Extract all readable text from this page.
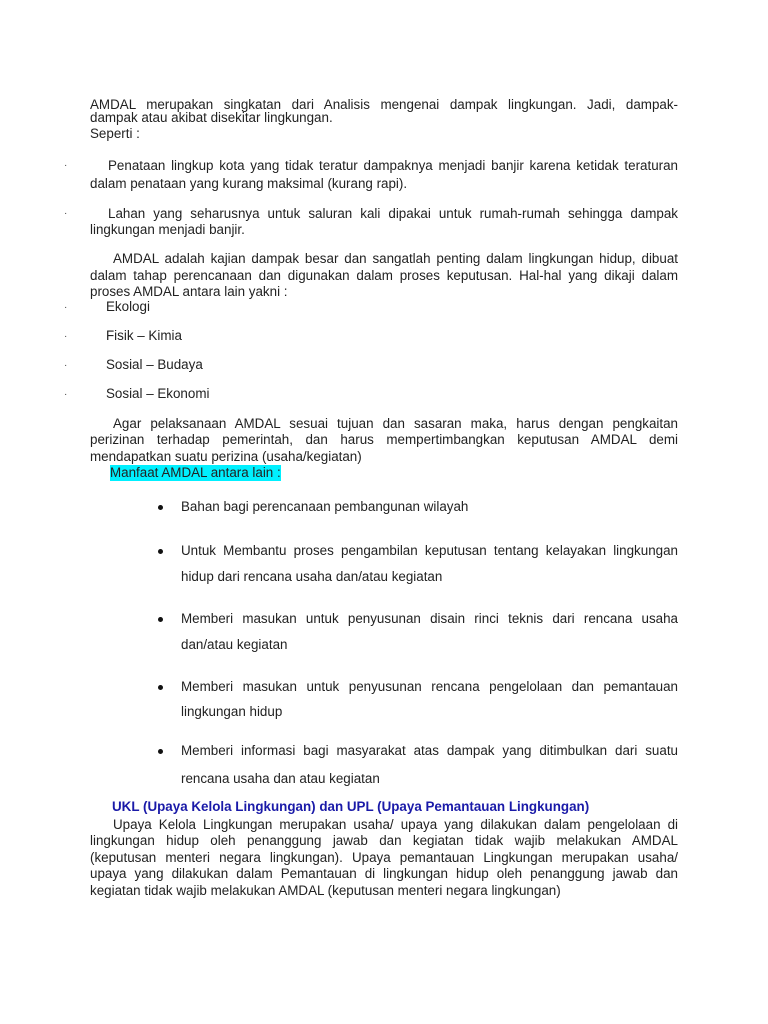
AMDAL merupakan singkatan dari Analisis mengenai dampak lingkungan. Jadi, dampak-
dampak atau akibat disekitar lingkungan.
Seperti :
Penataan lingkup kota yang tidak teratur dampaknya menjadi banjir karena ketidak teraturan
dalam penataan yang kurang maksimal (kurang rapi).
Lahan yang seharusnya untuk saluran kali dipakai untuk rumah-rumah sehingga dampak
lingkungan menjadi banjir.
AMDAL adalah kajian dampak besar dan sangatlah penting dalam lingkungan hidup, dibuat
dalam tahap perencanaan dan digunakan dalam proses keputusan. Hal-hal yang dikaji dalam
proses AMDAL antara lain yakni :
Ekologi
Fisik – Kimia
Sosial – Budaya
Sosial – Ekonomi
Agar pelaksanaan AMDAL sesuai tujuan dan sasaran maka, harus dengan pengkaitan
perizinan terhadap pemerintah, dan harus mempertimbangkan keputusan AMDAL demi
mendapatkan suatu perizina (usaha/kegiatan)
Manfaat AMDAL antara lain :
Bahan bagi perencanaan pembangunan wilayah
Untuk Membantu proses pengambilan keputusan tentang kelayakan lingkungan
hidup dari rencana usaha dan/atau kegiatan
Memberi masukan untuk penyusunan disain rinci teknis dari rencana usaha
dan/atau kegiatan
Memberi masukan untuk penyusunan rencana pengelolaan dan pemantauan
lingkungan hidup
Memberi informasi bagi masyarakat atas dampak yang ditimbulkan dari suatu
rencana usaha dan atau kegiatan
UKL (Upaya Kelola Lingkungan) dan UPL (Upaya Pemantauan Lingkungan)
Upaya Kelola Lingkungan merupakan usaha/ upaya yang dilakukan dalam pengelolaan di
lingkungan hidup oleh penanggung jawab dan kegiatan tidak wajib melakukan AMDAL
(keputusan menteri negara lingkungan). Upaya pemantauan Lingkungan merupakan usaha/
upaya yang dilakukan dalam Pemantauan di lingkungan hidup oleh penanggung jawab dan
kegiatan tidak wajib melakukan AMDAL (keputusan menteri negara lingkungan)
·
·
·
·
·
·
